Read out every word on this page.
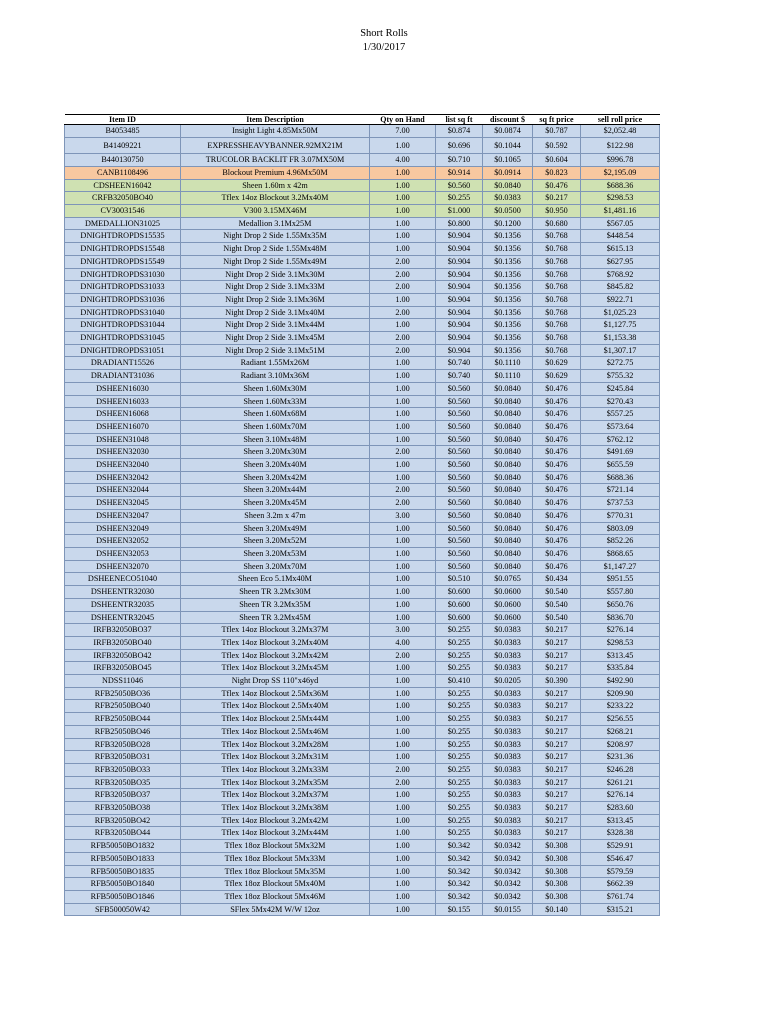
Short Rolls
1/30/2017
Item ID	Item Description	Qty on Hand	list sq ft	discount $	sq ft price	sell roll price
B4053485	Insight Light 4.85Mx50M	7.00	$0.874	$0.0874	$0.787	$2,052.48
B41409221	EXPRESSHEAVYBANNER.92MX21M	1.00	$0.696	$0.1044	$0.592	$122.98
B440130750	TRUCOLOR BACKLIT FR 3.07MX50M	4.00	$0.710	$0.1065	$0.604	$996.78
CANB1108496	Blockout Premium 4.96Mx50M	1.00	$0.914	$0.0914	$0.823	$2,195.09
CDSHEEN16042	Sheen 1.60m x 42m	1.00	$0.560	$0.0840	$0.476	$688.36
CRFB32050BO40	Tflex 14oz Blockout 3.2Mx40M	1.00	$0.255	$0.0383	$0.217	$298.53
CV30031546	V300 3.15MX46M	1.00	$1.000	$0.0500	$0.950	$1,481.16
DMEDALLION31025	Medallion 3.1Mx25M	1.00	$0.800	$0.1200	$0.680	$567.05
DNIGHTDROPDS15535	Night Drop 2 Side 1.55Mx35M	1.00	$0.904	$0.1356	$0.768	$448.54
DNIGHTDROPDS15548	Night Drop 2 Side 1.55Mx48M	1.00	$0.904	$0.1356	$0.768	$615.13
DNIGHTDROPDS15549	Night Drop 2 Side 1.55Mx49M	2.00	$0.904	$0.1356	$0.768	$627.95
DNIGHTDROPDS31030	Night Drop 2 Side 3.1Mx30M	2.00	$0.904	$0.1356	$0.768	$768.92
DNIGHTDROPDS31033	Night Drop 2 Side 3.1Mx33M	2.00	$0.904	$0.1356	$0.768	$845.82
DNIGHTDROPDS31036	Night Drop 2 Side 3.1Mx36M	1.00	$0.904	$0.1356	$0.768	$922.71
DNIGHTDROPDS31040	Night Drop 2 Side 3.1Mx40M	2.00	$0.904	$0.1356	$0.768	$1,025.23
DNIGHTDROPDS31044	Night Drop 2 Side 3.1Mx44M	1.00	$0.904	$0.1356	$0.768	$1,127.75
DNIGHTDROPDS31045	Night Drop 2 Side 3.1Mx45M	2.00	$0.904	$0.1356	$0.768	$1,153.38
DNIGHTDROPDS31051	Night Drop 2 Side 3.1Mx51M	2.00	$0.904	$0.1356	$0.768	$1,307.17
DRADIANT15526	Radiant 1.55Mx26M	1.00	$0.740	$0.1110	$0.629	$272.75
DRADIANT31036	Radiant 3.10Mx36M	1.00	$0.740	$0.1110	$0.629	$755.32
DSHEEN16030	Sheen 1.60Mx30M	1.00	$0.560	$0.0840	$0.476	$245.84
DSHEEN16033	Sheen 1.60Mx33M	1.00	$0.560	$0.0840	$0.476	$270.43
DSHEEN16068	Sheen 1.60Mx68M	1.00	$0.560	$0.0840	$0.476	$557.25
DSHEEN16070	Sheen 1.60Mx70M	1.00	$0.560	$0.0840	$0.476	$573.64
DSHEEN31048	Sheen 3.10Mx48M	1.00	$0.560	$0.0840	$0.476	$762.12
DSHEEN32030	Sheen 3.20Mx30M	2.00	$0.560	$0.0840	$0.476	$491.69
DSHEEN32040	Sheen 3.20Mx40M	1.00	$0.560	$0.0840	$0.476	$655.59
DSHEEN32042	Sheen 3.20Mx42M	1.00	$0.560	$0.0840	$0.476	$688.36
DSHEEN32044	Sheen 3.20Mx44M	2.00	$0.560	$0.0840	$0.476	$721.14
DSHEEN32045	Sheen 3.20Mx45M	2.00	$0.560	$0.0840	$0.476	$737.53
DSHEEN32047	Sheen 3.2m x 47m	3.00	$0.560	$0.0840	$0.476	$770.31
DSHEEN32049	Sheen 3.20Mx49M	1.00	$0.560	$0.0840	$0.476	$803.09
DSHEEN32052	Sheen 3.20Mx52M	1.00	$0.560	$0.0840	$0.476	$852.26
DSHEEN32053	Sheen 3.20Mx53M	1.00	$0.560	$0.0840	$0.476	$868.65
DSHEEN32070	Sheen 3.20Mx70M	1.00	$0.560	$0.0840	$0.476	$1,147.27
DSHEENECO51040	Sheen Eco 5.1Mx40M	1.00	$0.510	$0.0765	$0.434	$951.55
DSHEENTR32030	Sheen TR 3.2Mx30M	1.00	$0.600	$0.0600	$0.540	$557.80
DSHEENTR32035	Sheen TR 3.2Mx35M	1.00	$0.600	$0.0600	$0.540	$650.76
DSHEENTR32045	Sheen TR 3.2Mx45M	1.00	$0.600	$0.0600	$0.540	$836.70
IRFB32050BO37	Tflex 14oz Blockout 3.2Mx37M	3.00	$0.255	$0.0383	$0.217	$276.14
IRFB32050BO40	Tflex 14oz Blockout 3.2Mx40M	4.00	$0.255	$0.0383	$0.217	$298.53
IRFB32050BO42	Tflex 14oz Blockout 3.2Mx42M	2.00	$0.255	$0.0383	$0.217	$313.45
IRFB32050BO45	Tflex 14oz Blockout 3.2Mx45M	1.00	$0.255	$0.0383	$0.217	$335.84
NDSS11046	Night Drop SS 110"x46yd	1.00	$0.410	$0.0205	$0.390	$492.90
RFB25050BO36	Tflex 14oz Blockout 2.5Mx36M	1.00	$0.255	$0.0383	$0.217	$209.90
RFB25050BO40	Tflex 14oz Blockout 2.5Mx40M	1.00	$0.255	$0.0383	$0.217	$233.22
RFB25050BO44	Tflex 14oz Blockout 2.5Mx44M	1.00	$0.255	$0.0383	$0.217	$256.55
RFB25050BO46	Tflex 14oz Blockout 2.5Mx46M	1.00	$0.255	$0.0383	$0.217	$268.21
RFB32050BO28	Tflex 14oz Blockout 3.2Mx28M	1.00	$0.255	$0.0383	$0.217	$208.97
RFB32050BO31	Tflex 14oz Blockout 3.2Mx31M	1.00	$0.255	$0.0383	$0.217	$231.36
RFB32050BO33	Tflex 14oz Blockout 3.2Mx33M	2.00	$0.255	$0.0383	$0.217	$246.28
RFB32050BO35	Tflex 14oz Blockout 3.2Mx35M	2.00	$0.255	$0.0383	$0.217	$261.21
RFB32050BO37	Tflex 14oz Blockout 3.2Mx37M	1.00	$0.255	$0.0383	$0.217	$276.14
RFB32050BO38	Tflex 14oz Blockout 3.2Mx38M	1.00	$0.255	$0.0383	$0.217	$283.60
RFB32050BO42	Tflex 14oz Blockout 3.2Mx42M	1.00	$0.255	$0.0383	$0.217	$313.45
RFB32050BO44	Tflex 14oz Blockout 3.2Mx44M	1.00	$0.255	$0.0383	$0.217	$328.38
RFB50050BO1832	Tflex 18oz Blockout 5Mx32M	1.00	$0.342	$0.0342	$0.308	$529.91
RFB50050BO1833	Tflex 18oz Blockout 5Mx33M	1.00	$0.342	$0.0342	$0.308	$546.47
RFB50050BO1835	Tflex 18oz Blockout 5Mx35M	1.00	$0.342	$0.0342	$0.308	$579.59
RFB50050BO1840	Tflex 18oz Blockout 5Mx40M	1.00	$0.342	$0.0342	$0.308	$662.39
RFB50050BO1846	Tflex 18oz Blockout 5Mx46M	1.00	$0.342	$0.0342	$0.308	$761.74
SFB500050W42	SFlex 5Mx42M W/W 12oz	1.00	$0.155	$0.0155	$0.140	$315.21
